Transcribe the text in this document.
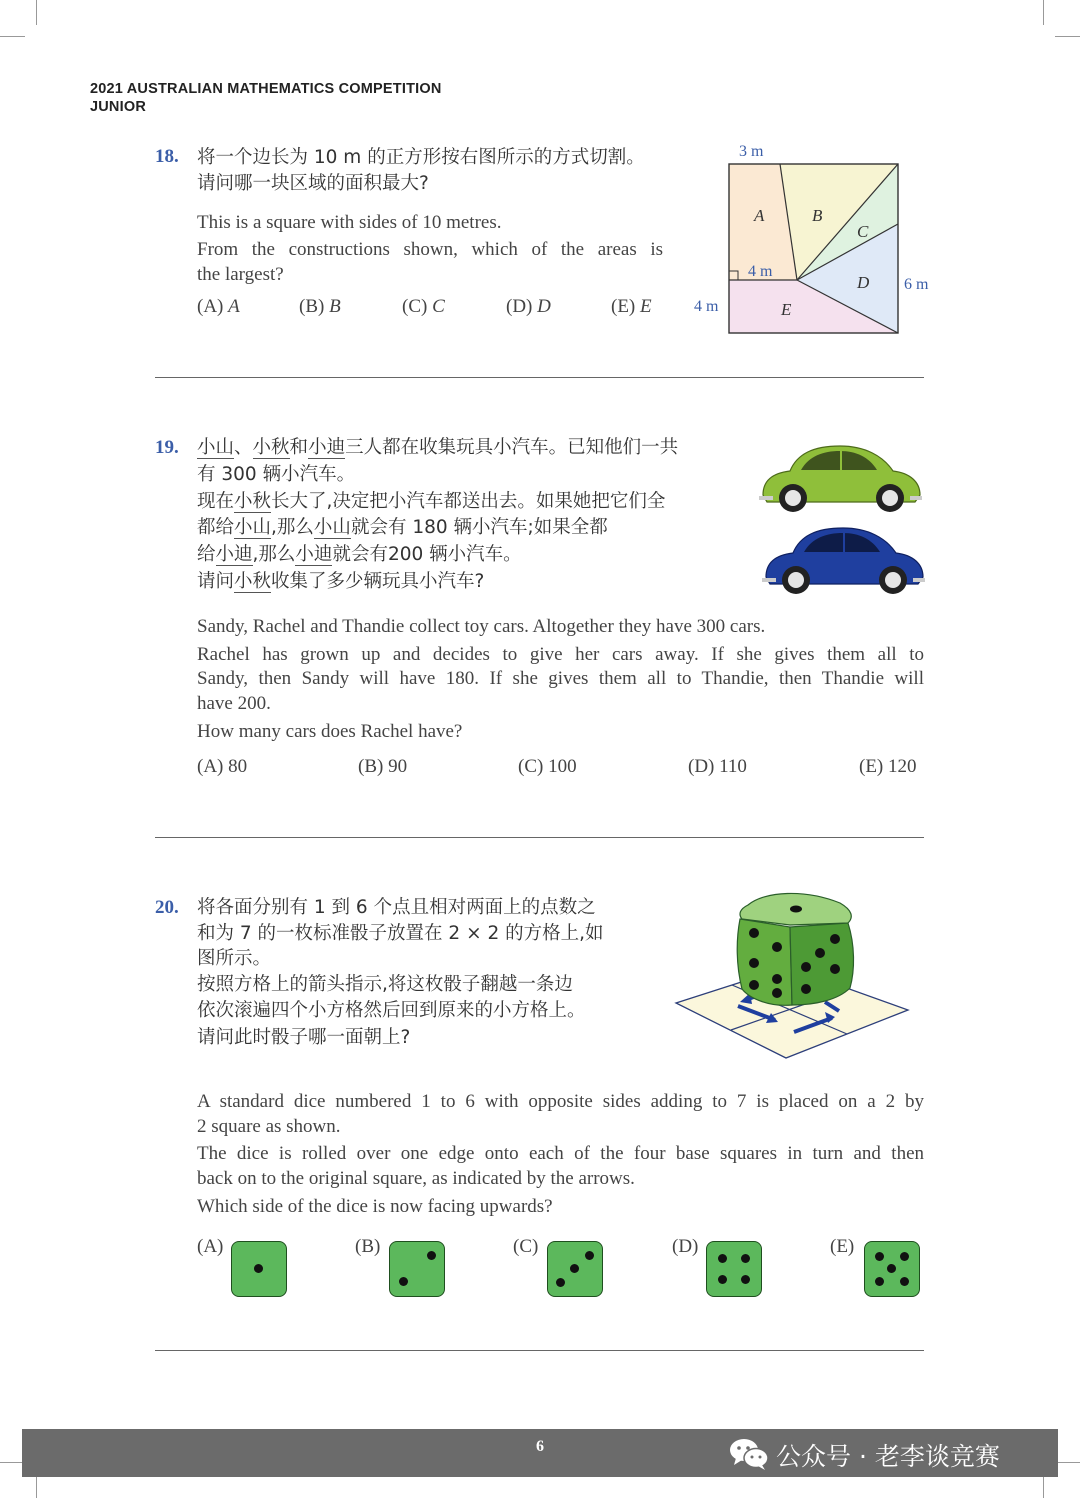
2021 AUSTRALIAN MATHEMATICS COMPETITION
JUNIOR
18. 将一个边长为 10 m 的正方形按右图所示的方式切割。
请问哪一块区域的面积最大?
This is a square with sides of 10 metres.
From the constructions shown, which of the areas is
the largest?
(A) A	(B) B	(C) C	(D) D	(E) E
3 m
4 m
6 m
4 m
A	B
C
D
E
19. 小山、小秋和小迪三人都在收集玩具小汽车。已知他们一共
有 300 辆小汽车。
现在小秋长大了,决定把小汽车都送出去。如果她把它们全
都给小山,那么小山就会有 180 辆小汽车;如果全都
给小迪,那么小迪就会有200 辆小汽车。
请问小秋收集了多少辆玩具小汽车?
Sandy, Rachel and Thandie collect toy cars. Altogether they have 300 cars.
Rachel has grown up and decides to give her cars away. If she gives them all to
Sandy, then Sandy will have 180. If she gives them all to Thandie, then Thandie will
have 200.
How many cars does Rachel have?
(A) 80	(B) 90	(C) 100	(D) 110	(E) 120
20. 将各面分别有 1 到 6 个点且相对两面上的点数之
和为 7 的一枚标准骰子放置在 2 × 2 的方格上,如
图所示。
按照方格上的箭头指示,将这枚骰子翻越一条边
依次滚遍四个小方格然后回到原来的小方格上。
请问此时骰子哪一面朝上?
A standard dice numbered 1 to 6 with opposite sides adding to 7 is placed on a 2 by
2 square as shown.
The dice is rolled over one edge onto each of the four base squares in turn and then
back on to the original square, as indicated by the arrows.
Which side of the dice is now facing upwards?
(A)	(B)	(C)	(D)	(E)
6	公众号 · 老李谈竞赛
